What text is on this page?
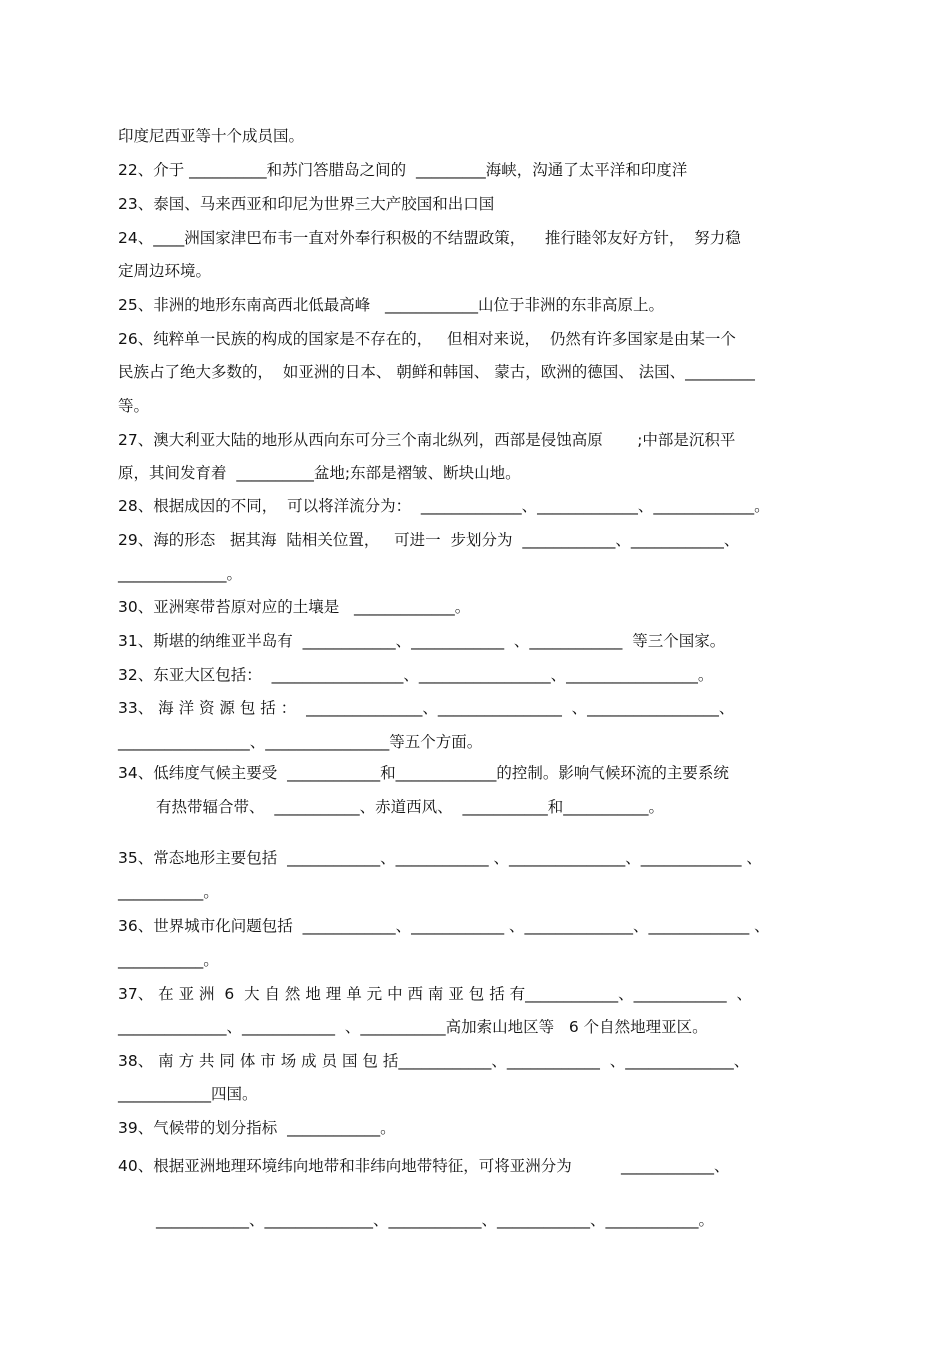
印度尼西亚等十个成员国。
22、介于 __________和苏门答腊岛之间的  _________海峡，沟通了太平洋和印度洋
23、泰国、马来西亚和印尼为世界三大产胶国和出口国
24、____洲国家津巴布韦一直对外奉行积极的不结盟政策，    推行睦邻友好方针，  努力稳
定周边环境。
25、非洲的地形东南高西北低最高峰   ____________山位于非洲的东非高原上。
26、纯粹单一民族的构成的国家是不存在的，   但相对来说，  仍然有许多国家是由某一个
民族占了绝大多数的，  如亚洲的日本、 朝鲜和韩国、 蒙古，欧洲的德国、 法国、_________
等。
27、澳大利亚大陆的地形从西向东可分三个南北纵列，西部是侵蚀高原       ;中部是沉积平
原，其间发育着  __________盆地;东部是褶皱、断块山地。
28、根据成因的不同，  可以将洋流分为：  _____________、_____________、_____________。
29、海的形态   据其海  陆相关位置，   可进一  步划分为  ____________、____________、
______________。
30、亚洲寒带苔原对应的土壤是   _____________。
31、斯堪的纳维亚半岛有  ____________、____________  、____________  等三个国家。
32、东亚大区包括：  _________________、_________________、_________________。
33、 海 洋 资 源 包 括 ：  _______________、________________  、_________________、
_________________、________________等五个方面。
34、低纬度气候主要受  ____________和_____________的控制。影响气候环流的主要系统
有热带辐合带、  ___________、赤道西风、  ___________和___________。
35、常态地形主要包括  ____________、____________ 、_______________、_____________ 、
___________。
36、世界城市化问题包括  ____________、____________ 、______________、_____________ 、
___________。
37、 在 亚 洲  6  大 自 然 地 理 单 元 中 西 南 亚 包 括 有____________、____________  、
______________、____________  、___________高加索山地区等   6 个自然地理亚区。
38、 南 方 共 同 体 市 场 成 员 国 包 括____________、____________  、______________、
____________四国。
39、气候带的划分指标  ____________。
40、根据亚洲地理环境纬向地带和非纬向地带特征，可将亚洲分为          ____________、
____________、______________、____________、____________、____________。
